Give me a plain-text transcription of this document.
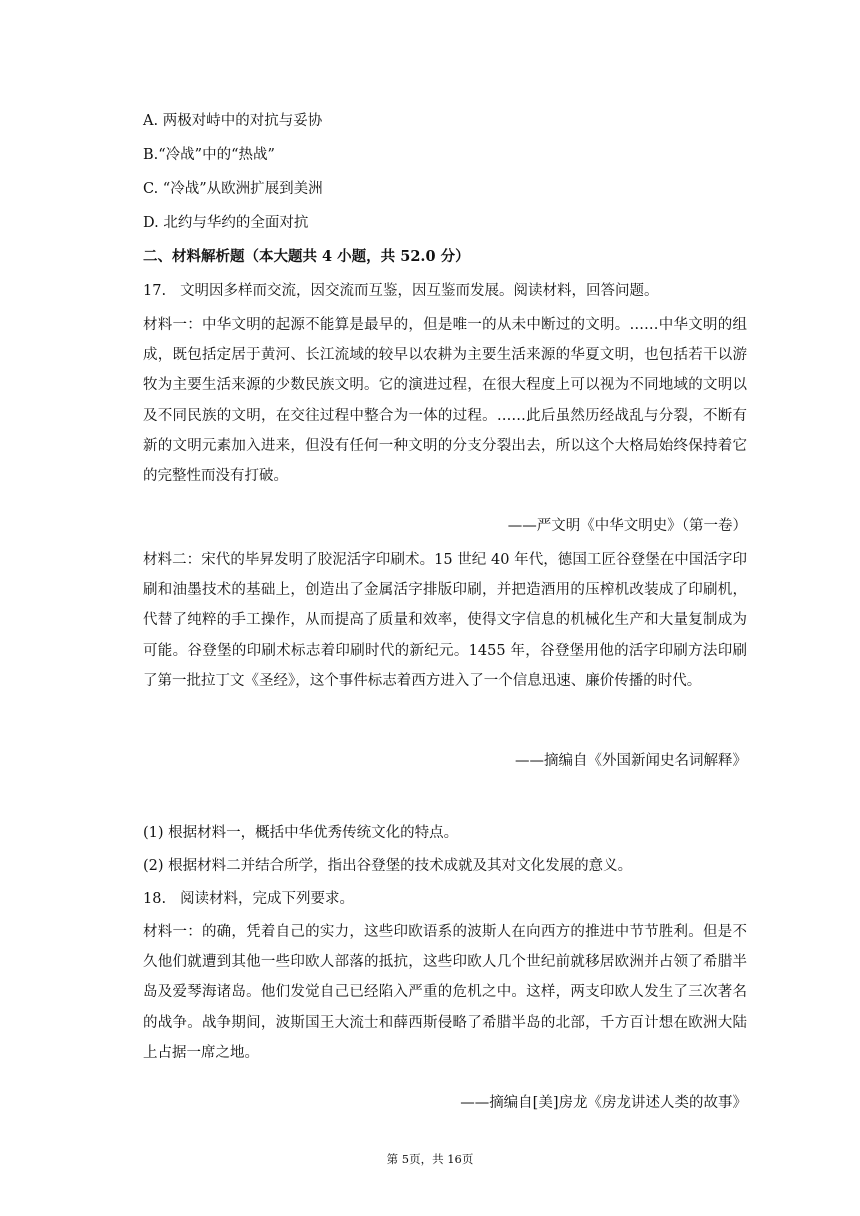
A. 两极对峙中的对抗与妥协
B.“冷战”中的“热战”
C. “冷战”从欧洲扩展到美洲
D. 北约与华约的全面对抗
二、材料解析题（本大题共 4 小题，共 52.0 分）
17. 文明因多样而交流，因交流而互鉴，因互鉴而发展。阅读材料，回答问题。
材料一：中华文明的起源不能算是最早的，但是唯一的从未中断过的文明。……中华文明的组成，既包括定居于黄河、长江流域的较早以农耕为主要生活来源的华夏文明，也包括若干以游牧为主要生活来源的少数民族文明。它的演进过程，在很大程度上可以视为不同地域的文明以及不同民族的文明，在交往过程中整合为一体的过程。……此后虽然历经战乱与分裂，不断有新的文明元素加入进来，但没有任何一种文明的分支分裂出去，所以这个大格局始终保持着它的完整性而没有打破。
——严文明《中华文明史》（第一卷）
材料二：宋代的毕昇发明了胶泥活字印刷术。15 世纪 40 年代，德国工匠谷登堡在中国活字印刷和油墨技术的基础上，创造出了金属活字排版印刷，并把造酒用的压榨机改装成了印刷机，代替了纯粹的手工操作，从而提高了质量和效率，使得文字信息的机械化生产和大量复制成为可能。谷登堡的印刷术标志着印刷时代的新纪元。1455 年，谷登堡用他的活字印刷方法印刷了第一批拉丁文《圣经》，这个事件标志着西方进入了一个信息迅速、廉价传播的时代。
——摘编自《外国新闻史名词解释》
(1) 根据材料一，概括中华优秀传统文化的特点。
(2) 根据材料二并结合所学，指出谷登堡的技术成就及其对文化发展的意义。
18. 阅读材料，完成下列要求。
材料一：的确，凭着自己的实力，这些印欧语系的波斯人在向西方的推进中节节胜利。但是不久他们就遭到其他一些印欧人部落的抵抗，这些印欧人几个世纪前就移居欧洲并占领了希腊半岛及爱琴海诸岛。他们发觉自己已经陷入严重的危机之中。这样，两支印欧人发生了三次著名的战争。战争期间，波斯国王大流士和薛西斯侵略了希腊半岛的北部，千方百计想在欧洲大陆上占据一席之地。
——摘编自[美]房龙《房龙讲述人类的故事》
第 5页，共 16页
